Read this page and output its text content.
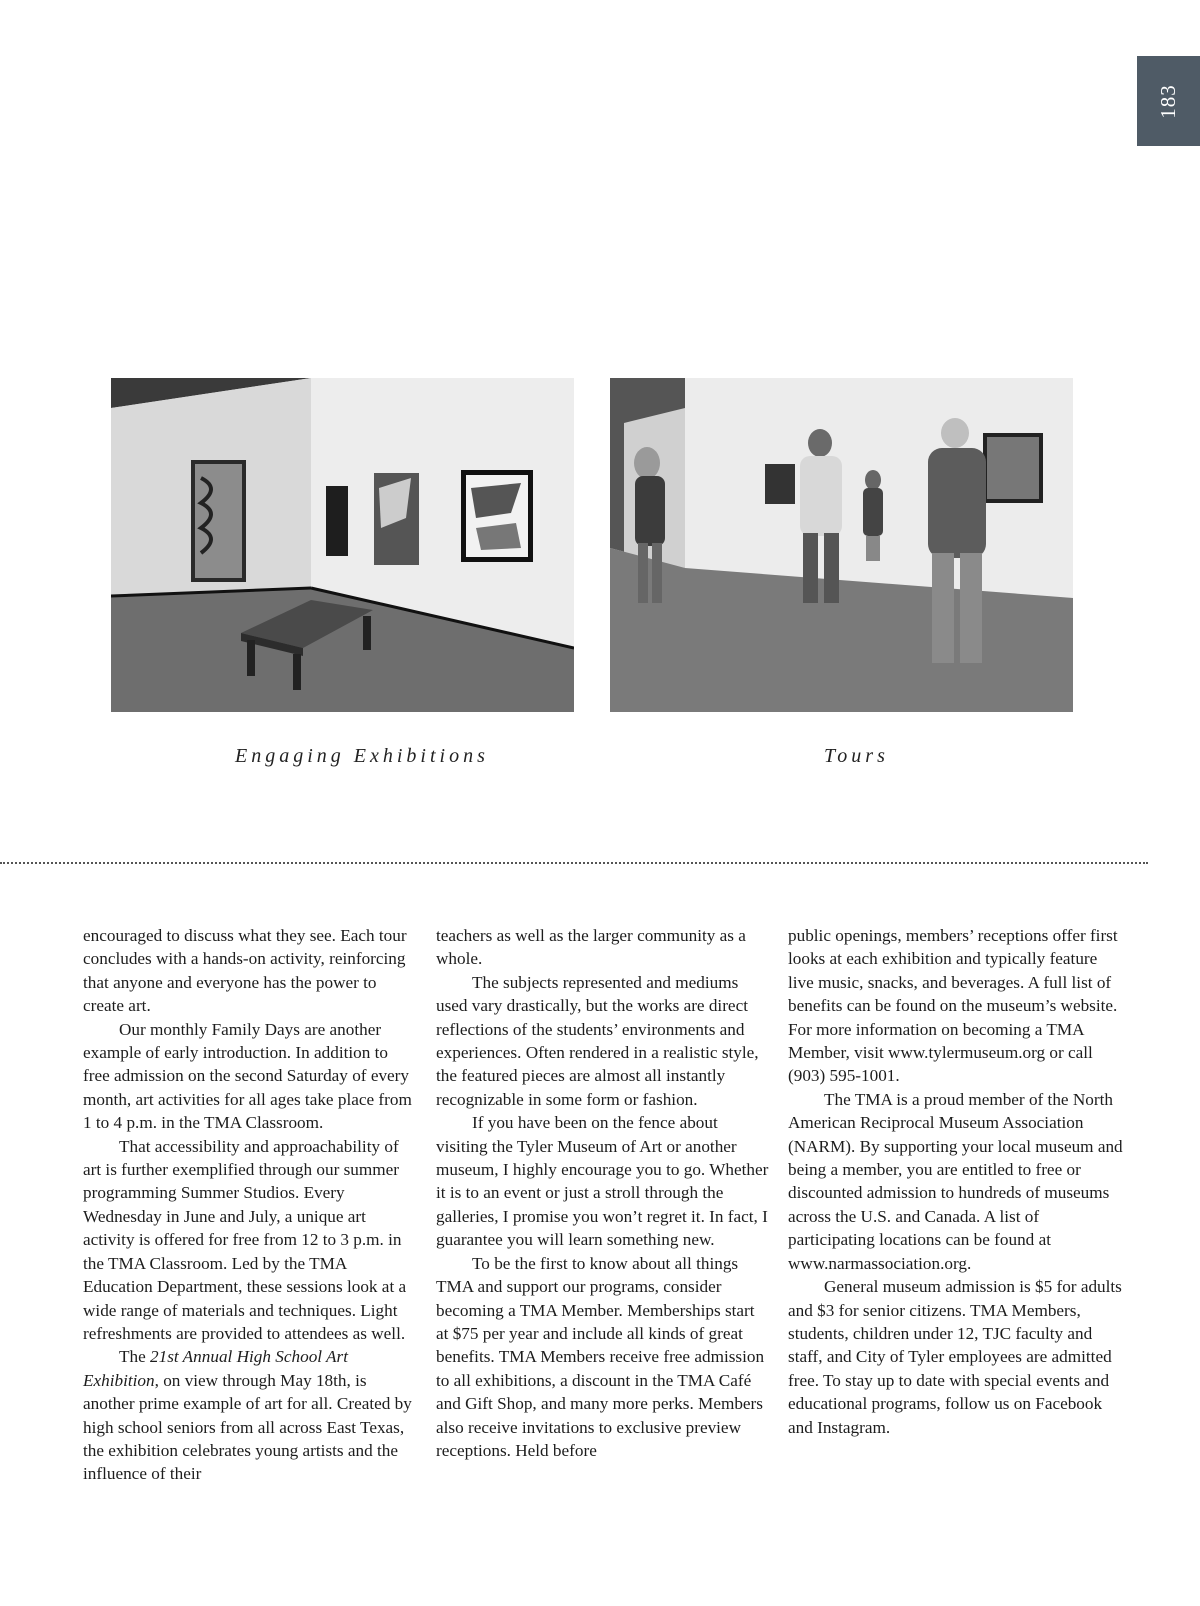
183
Engaging Exhibitions	Tours

encouraged to discuss what they see. Each tour concludes with a hands-on activity, reinforcing that anyone and everyone has the power to create art.

Our monthly Family Days are another example of early introduction. In addition to free admission on the second Saturday of every month, art activities for all ages take place from 1 to 4 p.m. in the TMA Classroom.

That accessibility and approachability of art is further exemplified through our summer programming Summer Studios. Every Wednesday in June and July, a unique art activity is offered for free from 12 to 3 p.m. in the TMA Classroom. Led by the TMA Education Department, these sessions look at a wide range of materials and techniques. Light refreshments are provided to attendees as well.

The 21st Annual High School Art Exhibition, on view through May 18th, is another prime example of art for all. Created by high school seniors from all across East Texas, the exhibition celebrates young artists and the influence of their

teachers as well as the larger community as a whole.

The subjects represented and mediums used vary drastically, but the works are direct reflections of the students’ environments and experiences. Often rendered in a realistic style, the featured pieces are almost all instantly recognizable in some form or fashion.

If you have been on the fence about visiting the Tyler Museum of Art or another museum, I highly encourage you to go. Whether it is to an event or just a stroll through the galleries, I promise you won’t regret it. In fact, I guarantee you will learn something new.

To be the first to know about all things TMA and support our programs, consider becoming a TMA Member. Memberships start at $75 per year and include all kinds of great benefits. TMA Members receive free admission to all exhibitions, a discount in the TMA Café and Gift Shop, and many more perks. Members also receive invitations to exclusive preview receptions. Held before

public openings, members’ receptions offer first looks at each exhibition and typically feature live music, snacks, and beverages. A full list of benefits can be found on the museum’s website. For more information on becoming a TMA Member, visit www.tylermuseum.org or call (903) 595-1001.

The TMA is a proud member of the North American Reciprocal Museum Association (NARM). By supporting your local museum and being a member, you are entitled to free or discounted admission to hundreds of museums across the U.S. and Canada. A list of participating locations can be found at www.narmassociation.org.

General museum admission is $5 for adults and $3 for senior citizens. TMA Members, students, children under 12, TJC faculty and staff, and City of Tyler employees are admitted free. To stay up to date with special events and educational programs, follow us on Facebook and Instagram.
